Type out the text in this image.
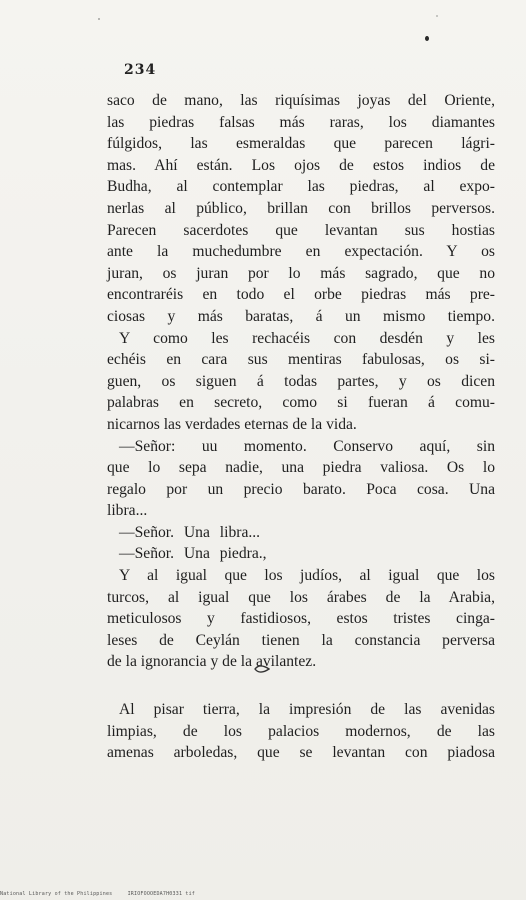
234
saco de mano, las riquísimas joyas del Oriente,
las piedras falsas más raras, los diamantes
fúlgidos, las esmeraldas que parecen lágri-
mas. Ahí están. Los ojos de estos indios de
Budha, al contemplar las piedras, al expo-
nerlas al público, brillan con brillos perversos.
Parecen sacerdotes que levantan sus hostias
ante la muchedumbre en expectación. Y os
juran, os juran por lo más sagrado, que no
encontraréis en todo el orbe piedras más pre-
ciosas y más baratas, á un mismo tiempo.
Y como les rechacéis con desdén y les
echéis en cara sus mentiras fabulosas, os si-
guen, os siguen á todas partes, y os dicen
palabras en secreto, como si fueran á comu-
nicarnos las verdades eternas de la vida.
—Señor: uu momento. Conservo aquí, sin
que lo sepa nadie, una piedra valiosa. Os lo
regalo por un precio barato. Poca cosa. Una
libra...
—Señor. Una libra...
—Señor. Una piedra.,
Y al igual que los judíos, al igual que los
turcos, al igual que los árabes de la Arabia,
meticulosos y fastidiosos, estos tristes cinga-
leses de Ceylán tienen la constancia perversa
de la ignorancia y de la avilantez.
Al pisar tierra, la impresión de las avenidas
limpias, de los palacios modernos, de las
amenas arboledas, que se levantan con piadosa
National Library of the Philippines	IRIOFOOOEDA7H0331 tif
